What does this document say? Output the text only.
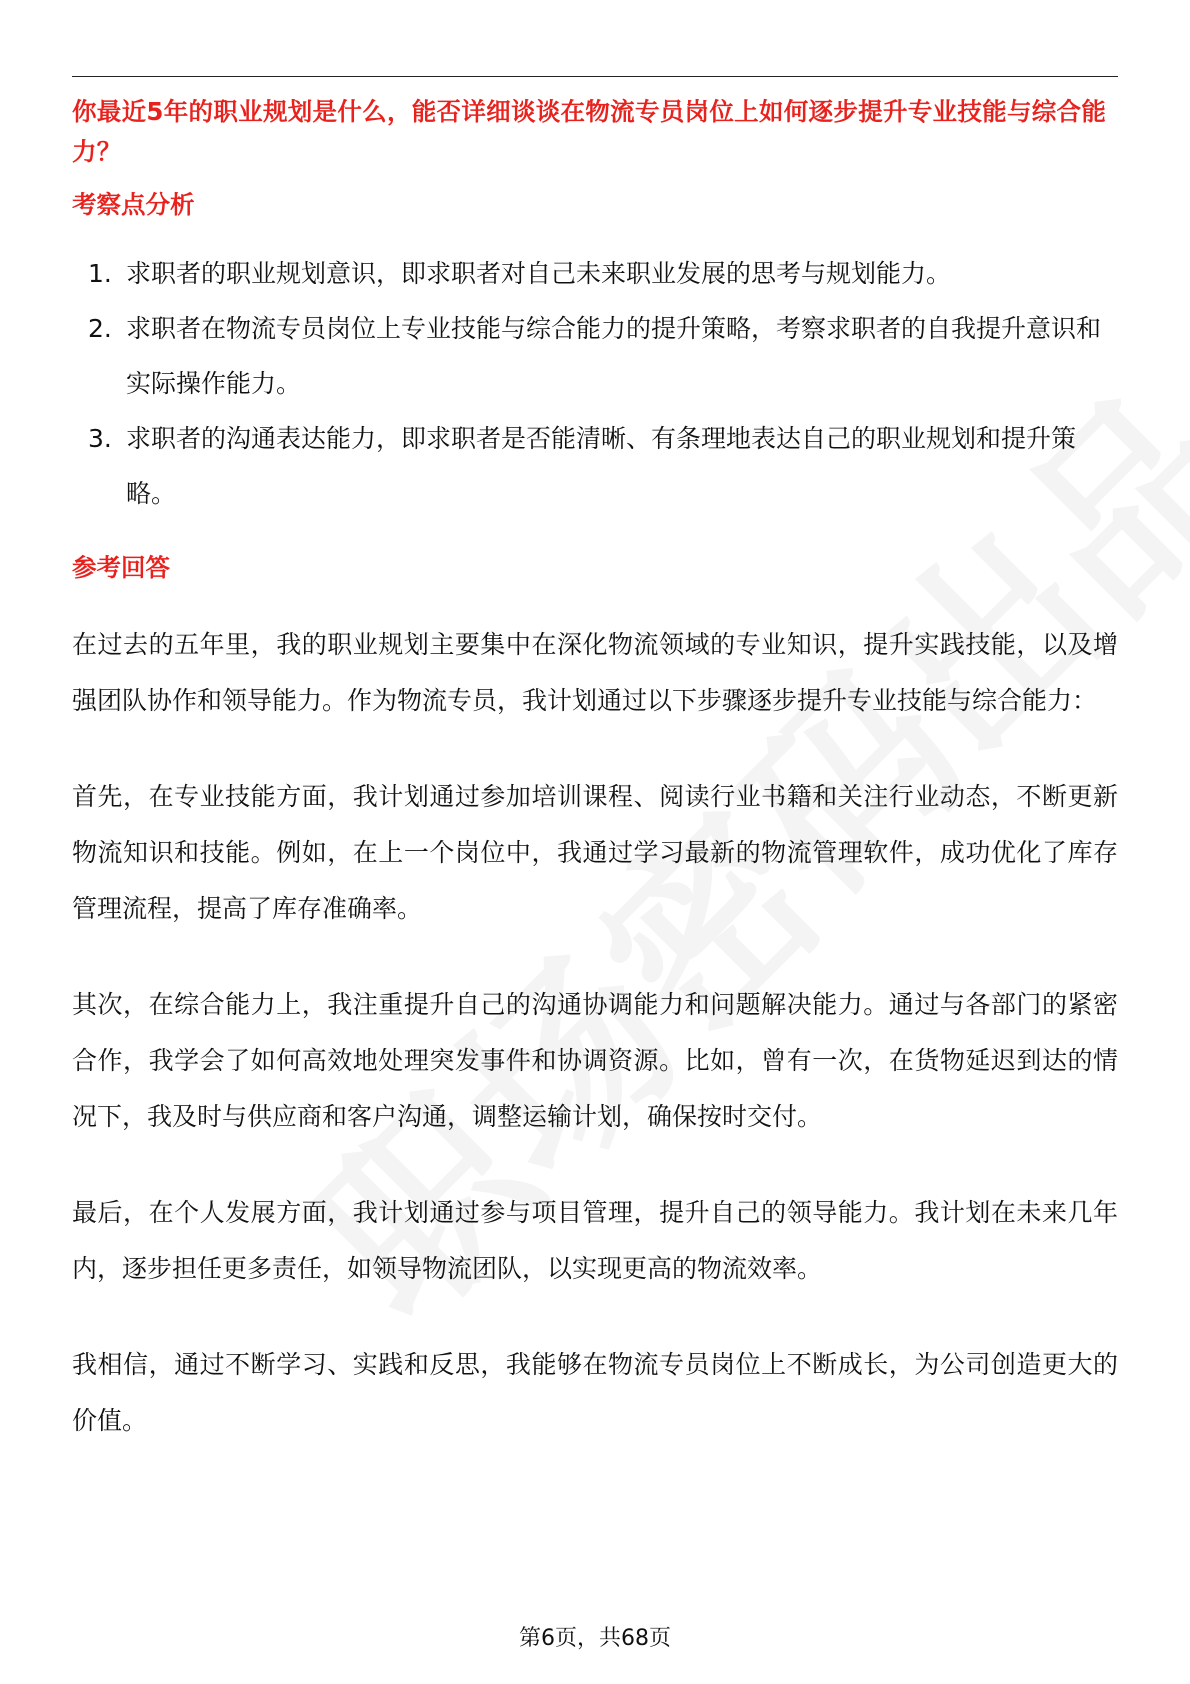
你最近5年的职业规划是什么，能否详细谈谈在物流专员岗位上如何逐步提升专业技能与综合能力？

考察点分析
1. 求职者的职业规划意识，即求职者对自己未来职业发展的思考与规划能力。
2. 求职者在物流专员岗位上专业技能与综合能力的提升策略，考察求职者的自我提升意识和实际操作能力。
3. 求职者的沟通表达能力，即求职者是否能清晰、有条理地表达自己的职业规划和提升策略。
参考回答

在过去的五年里，我的职业规划主要集中在深化物流领域的专业知识，提升实践技能，以及增强团队协作和领导能力。作为物流专员，我计划通过以下步骤逐步提升专业技能与综合能力：

首先，在专业技能方面，我计划通过参加培训课程、阅读行业书籍和关注行业动态，不断更新物流知识和技能。例如，在上一个岗位中，我通过学习最新的物流管理软件，成功优化了库存管理流程，提高了库存准确率。

其次，在综合能力上，我注重提升自己的沟通协调能力和问题解决能力。通过与各部门的紧密合作，我学会了如何高效地处理突发事件和协调资源。比如，曾有一次，在货物延迟到达的情况下，我及时与供应商和客户沟通，调整运输计划，确保按时交付。

最后，在个人发展方面，我计划通过参与项目管理，提升自己的领导能力。我计划在未来几年内，逐步担任更多责任，如领导物流团队，以实现更高的物流效率。

我相信，通过不断学习、实践和反思，我能够在物流专员岗位上不断成长，为公司创造更大的价值。

第6页，共68页
